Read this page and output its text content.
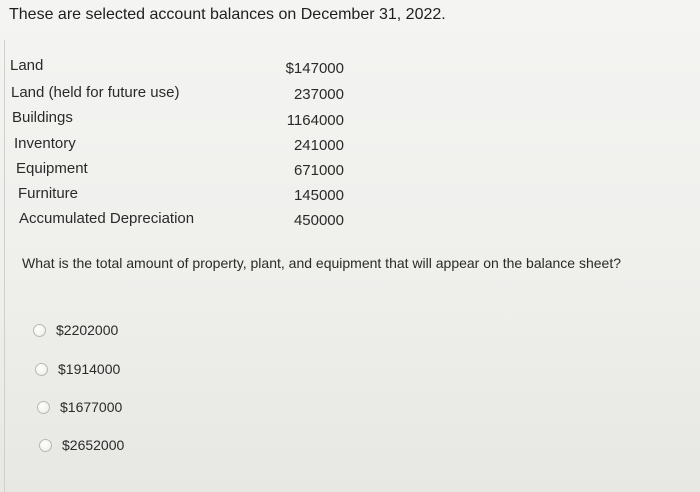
These are selected account balances on December 31, 2022.
Land	$147000
Land (held for future use)	237000
Buildings	1164000
Inventory	241000
Equipment	671000
Furniture	145000
Accumulated Depreciation	450000
What is the total amount of property, plant, and equipment that will appear on the balance sheet?
$2202000
$1914000
$1677000
$2652000
